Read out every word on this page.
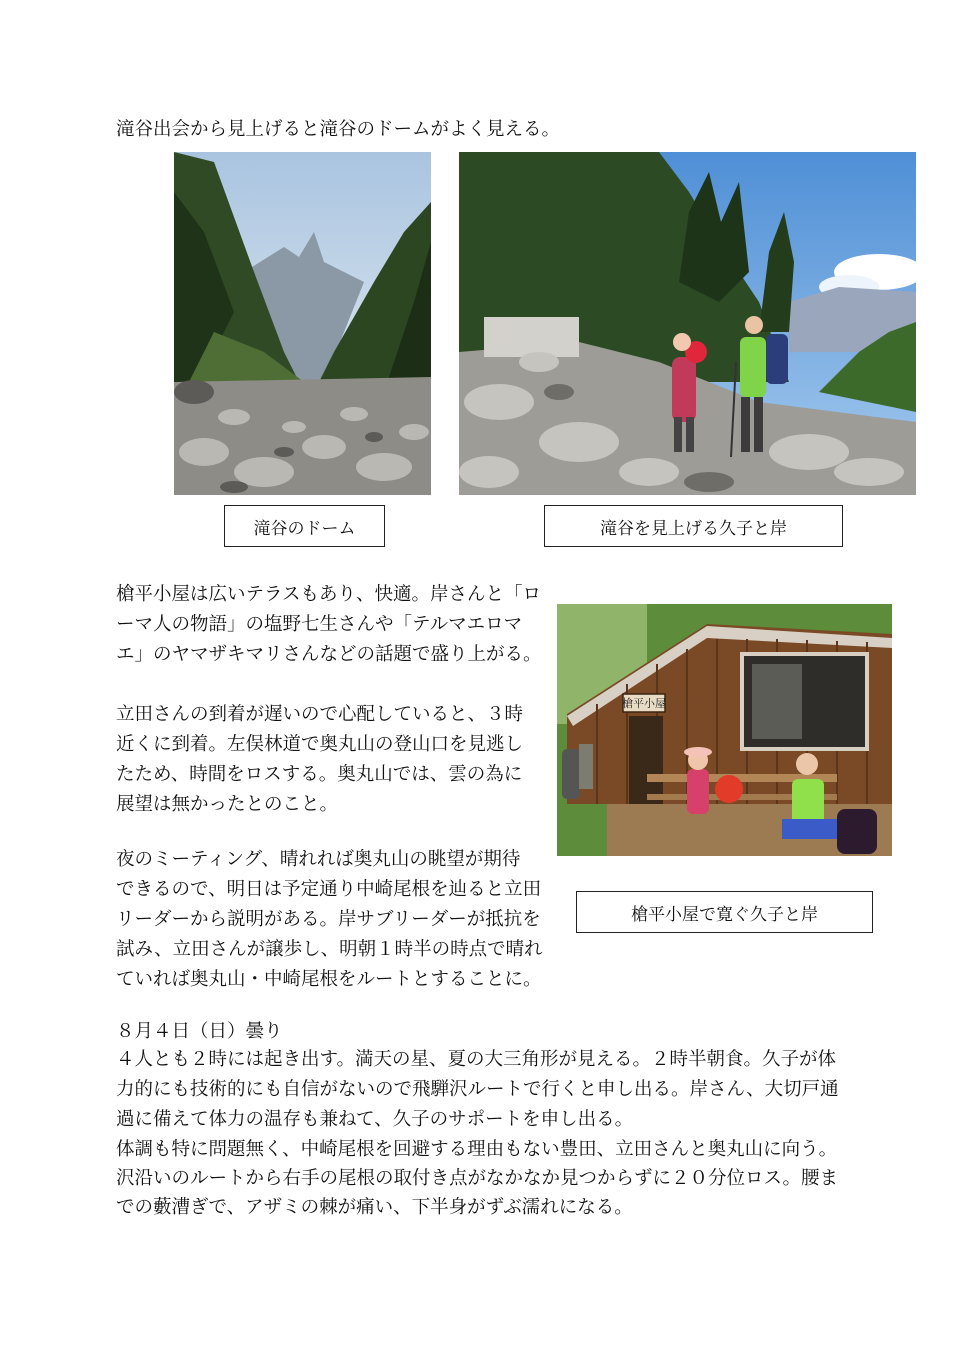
滝谷出会から見上げると滝谷のドームがよく見える。
滝谷のドーム	滝谷を見上げる久子と岸
槍平小屋は広いテラスもあり、快適。岸さんと「ロ
ーマ人の物語」の塩野七生さんや「テルマエロマ
エ」のヤマザキマリさんなどの話題で盛り上がる。
立田さんの到着が遅いので心配していると、３時
近くに到着。左俣林道で奥丸山の登山口を見逃し
たため、時間をロスする。奥丸山では、雲の為に
展望は無かったとのこと。
夜のミーティング、晴れれば奥丸山の眺望が期待
できるので、明日は予定通り中崎尾根を辿ると立田
リーダーから説明がある。岸サブリーダーが抵抗を
試み、立田さんが譲歩し、明朝１時半の時点で晴れ
ていれば奥丸山・中崎尾根をルートとすることに。
槍平小屋
槍平小屋で寛ぐ久子と岸
８月４日（日）曇り
４人とも２時には起き出す。満天の星、夏の大三角形が見える。２時半朝食。久子が体
力的にも技術的にも自信がないので飛騨沢ルートで行くと申し出る。岸さん、大切戸通
過に備えて体力の温存も兼ねて、久子のサポートを申し出る。
体調も特に問題無く、中崎尾根を回避する理由もない豊田、立田さんと奥丸山に向う。
沢沿いのルートから右手の尾根の取付き点がなかなか見つからずに２０分位ロス。腰ま
での藪漕ぎで、アザミの棘が痛い、下半身がずぶ濡れになる。
